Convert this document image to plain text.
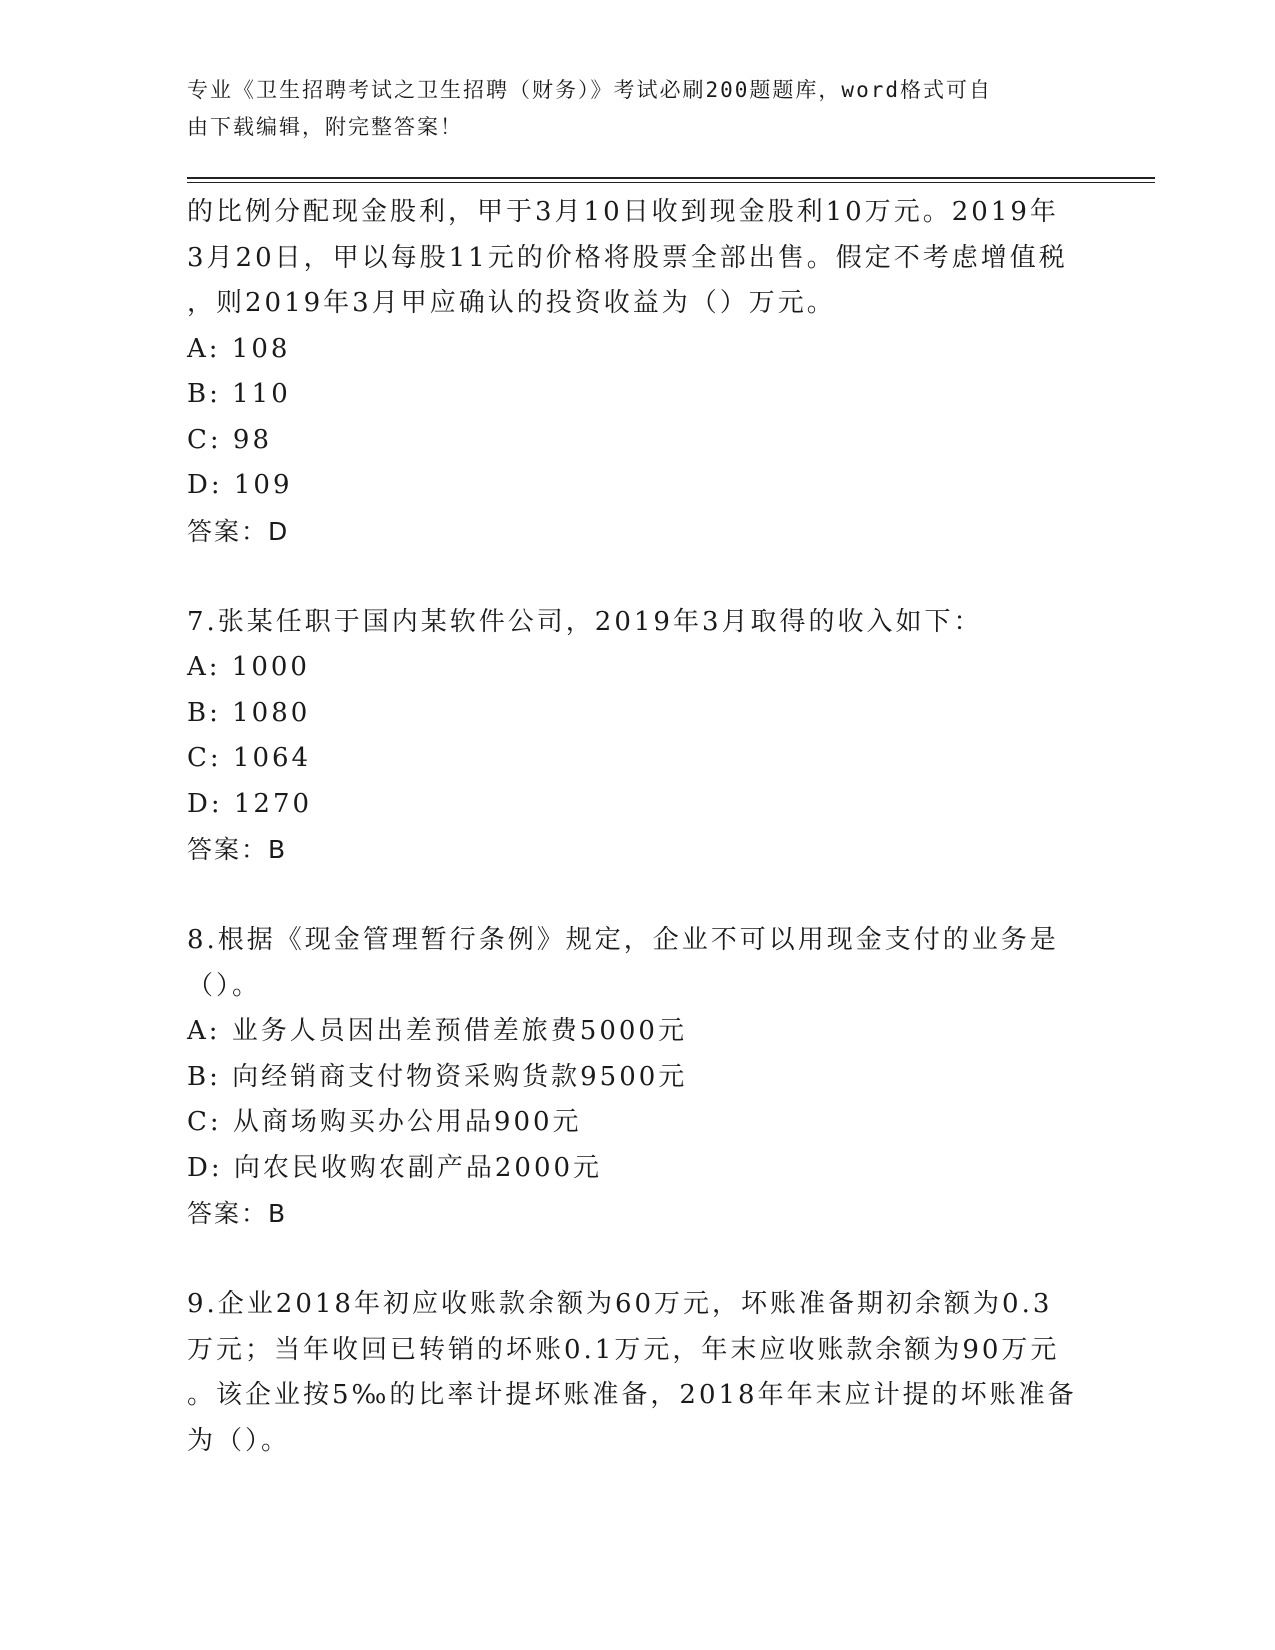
专业《卫生招聘考试之卫生招聘（财务）》考试必刷200题题库，word格式可自
由下载编辑，附完整答案！
的比例分配现金股利，甲于3月10日收到现金股利10万元。2019年
3月20日，甲以每股11元的价格将股票全部出售。假定不考虑增值税
，则2019年3月甲应确认的投资收益为（）万元。
A: 108
B: 110
C: 98
D: 109
答案：D
7.张某任职于国内某软件公司，2019年3月取得的收入如下：
A: 1000
B: 1080
C: 1064
D: 1270
答案：B
8.根据《现金管理暂行条例》规定，企业不可以用现金支付的业务是
（）。
A: 业务人员因出差预借差旅费5000元
B: 向经销商支付物资采购货款9500元
C: 从商场购买办公用品900元
D: 向农民收购农副产品2000元
答案：B
9.企业2018年初应收账款余额为60万元，坏账准备期初余额为0.3
万元；当年收回已转销的坏账0.1万元，年末应收账款余额为90万元
。该企业按5‰的比率计提坏账准备，2018年年末应计提的坏账准备
为（）。
